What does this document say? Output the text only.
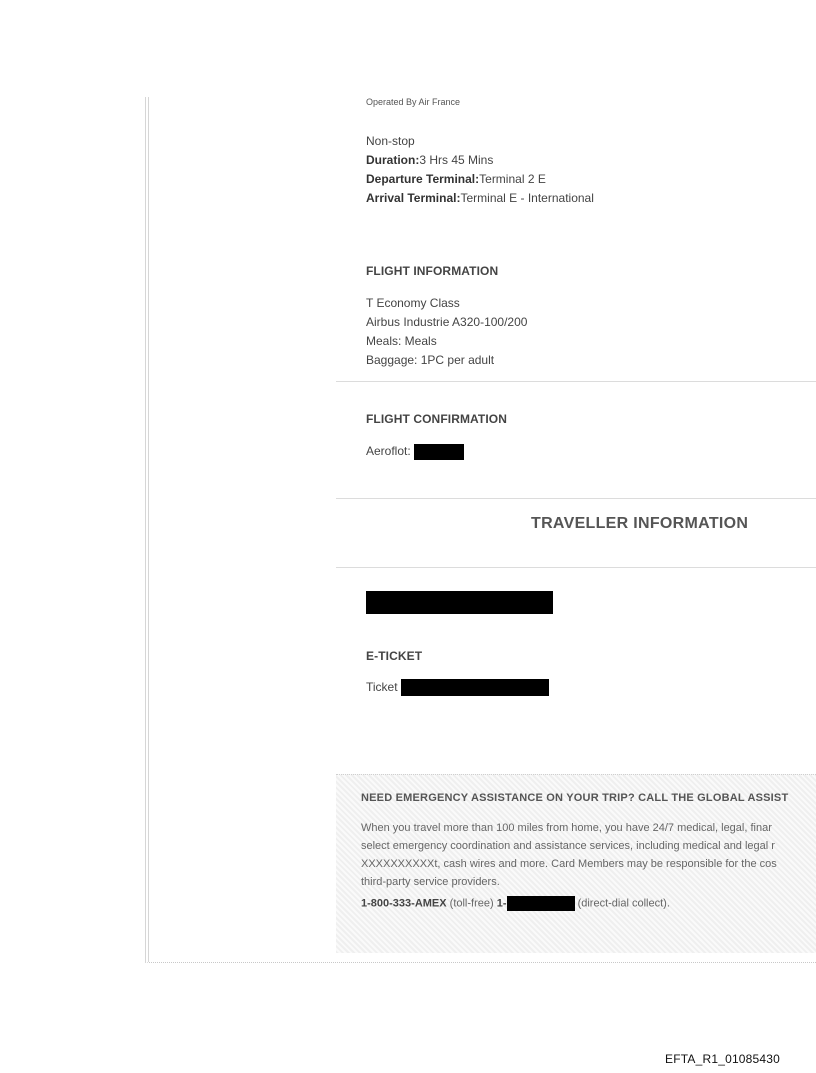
Operated By Air France
Non-stop
Duration:3 Hrs 45 Mins
Departure Terminal:Terminal 2 E
Arrival Terminal:Terminal E - International
FLIGHT INFORMATION
T Economy Class
Airbus Industrie A320-100/200
Meals: Meals
Baggage: 1PC per adult
FLIGHT CONFIRMATION
Aeroflot:
TRAVELLER INFORMATION
E-TICKET
Ticket
NEED EMERGENCY ASSISTANCE ON YOUR TRIP? CALL THE GLOBAL ASSIST
When you travel more than 100 miles from home, you have 24/7 medical, legal, finar
select emergency coordination and assistance services, including medical and legal r
XXXXXXXXXXt, cash wires and more. Card Members may be responsible for the cos
third-party service providers.
1-800-333-AMEX (toll-free) 1-	(direct-dial collect).
EFTA_R1_01085430
